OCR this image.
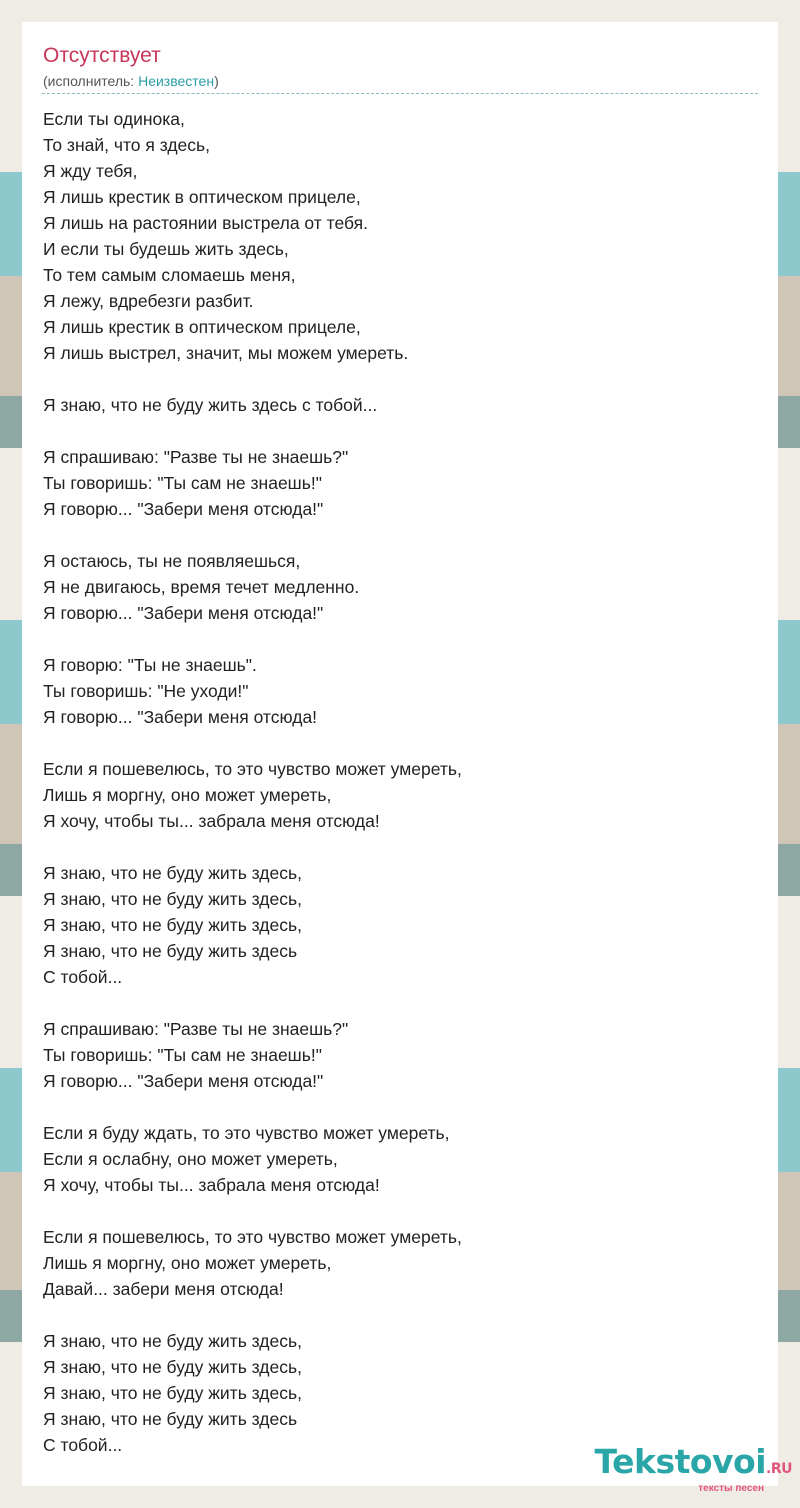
Отсутствует
(исполнитель: Неизвестен)
Если ты одинока,
То знай, что я здесь,
Я жду тебя,
Я лишь крестик в оптическом прицеле,
Я лишь на растоянии выстрела от тебя.
И если ты будешь жить здесь,
То тем самым сломаешь меня,
Я лежу, вдребезги разбит.
Я лишь крестик в оптическом прицеле,
Я лишь выстрел, значит, мы можем умереть.
Я знаю, что не буду жить здесь с тобой...
Я спрашиваю: "Разве ты не знаешь?"
Ты говоришь: "Ты сам не знаешь!"
Я говорю... "Забери меня отсюда!"
Я остаюсь, ты не появляешься,
Я не двигаюсь, время течет медленно.
Я говорю... "Забери меня отсюда!"
Я говорю: "Ты не знаешь".
Ты говоришь: "Не уходи!"
Я говорю... "Забери меня отсюда!
Если я пошевелюсь, то это чувство может умереть,
Лишь я моргну, оно может умереть,
Я хочу, чтобы ты... забрала меня отсюда!
Я знаю, что не буду жить здесь,
Я знаю, что не буду жить здесь,
Я знаю, что не буду жить здесь,
Я знаю, что не буду жить здесь
С тобой...
Я спрашиваю: "Разве ты не знаешь?"
Ты говоришь: "Ты сам не знаешь!"
Я говорю... "Забери меня отсюда!"
Если я буду ждать, то это чувство может умереть,
Если я ослабну, оно может умереть,
Я хочу, чтобы ты... забрала меня отсюда!
Если я пошевелюсь, то это чувство может умереть,
Лишь я моргну, оно может умереть,
Давай... забери меня отсюда!
Я знаю, что не буду жить здесь,
Я знаю, что не буду жить здесь,
Я знаю, что не буду жить здесь,
Я знаю, что не буду жить здесь
С тобой...	Tekstovoi.RU
тексты песен
